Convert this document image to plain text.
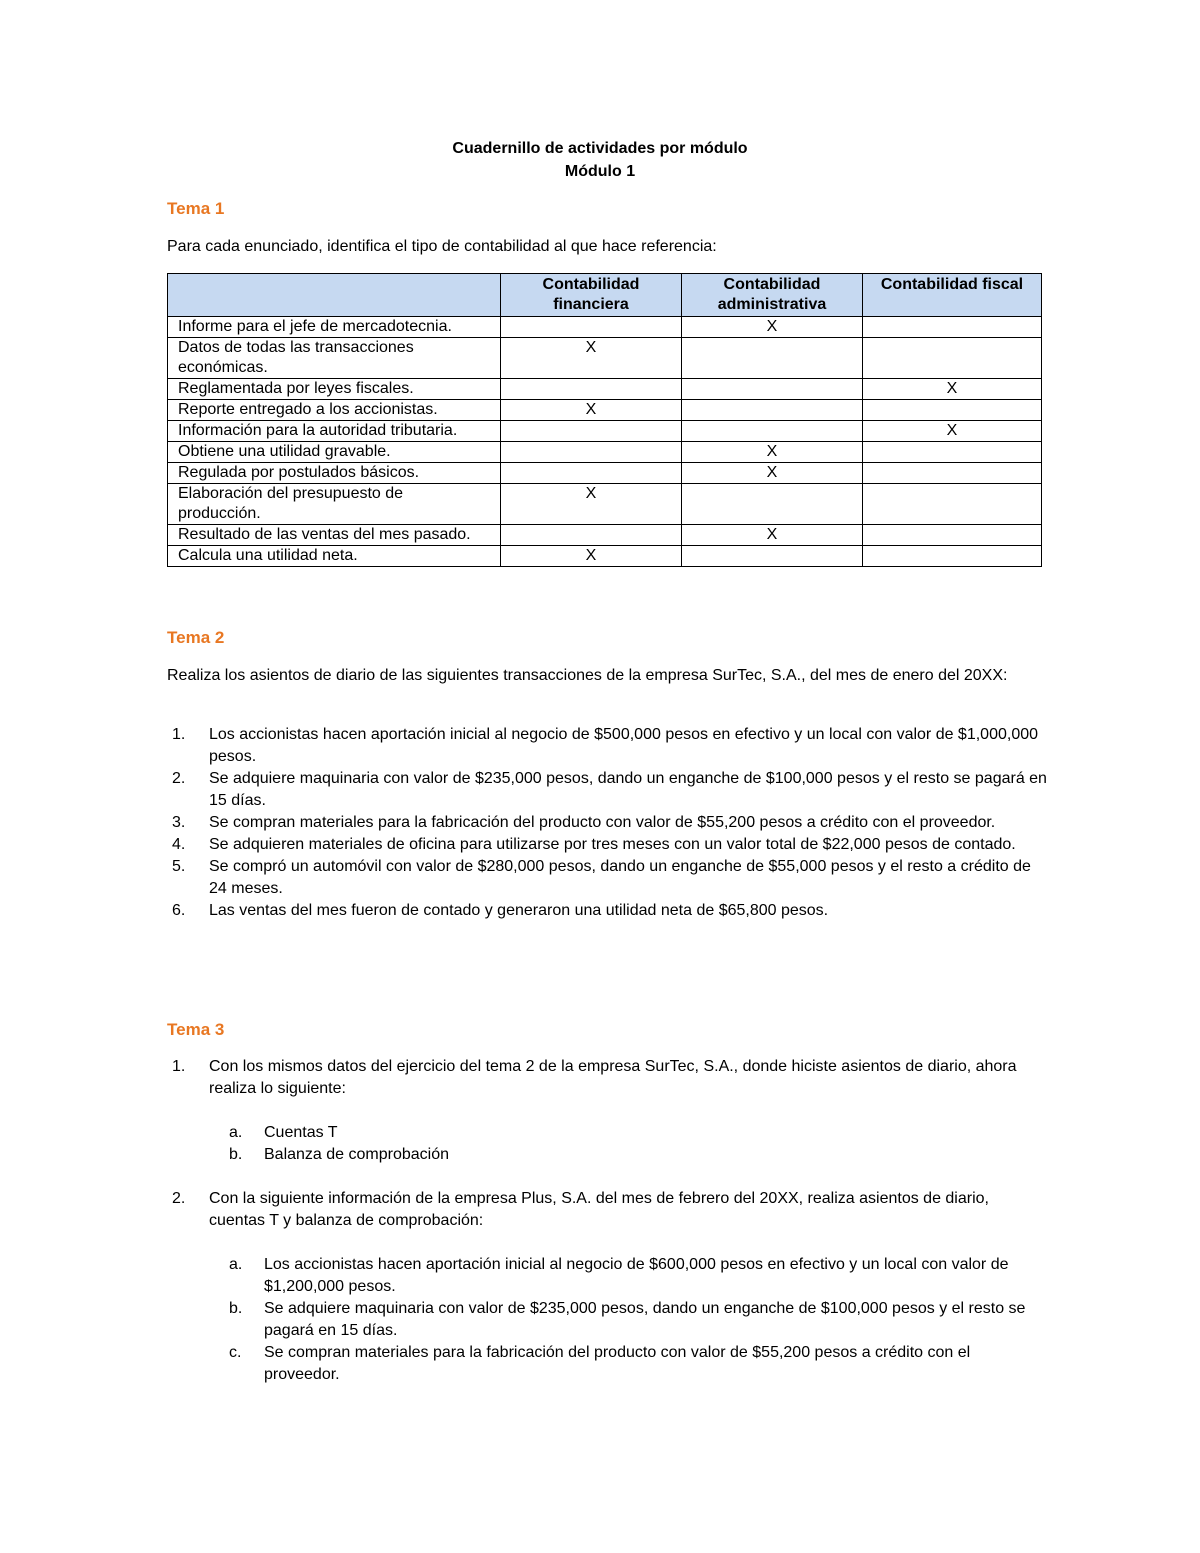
Cuadernillo de actividades por módulo
Módulo 1
Tema 1
Para cada enunciado, identifica el tipo de contabilidad al que hace referencia:
	Contabilidad financiera	Contabilidad administrativa	Contabilidad fiscal
Informe para el jefe de mercadotecnia.		X	
Datos de todas las transacciones económicas.	X		
Reglamentada por leyes fiscales.			X
Reporte entregado a los accionistas.	X		
Información para la autoridad tributaria.			X
Obtiene una utilidad gravable.		X	
Regulada por postulados básicos.		X	
Elaboración del presupuesto de producción.	X		
Resultado de las ventas del mes pasado.		X	
Calcula una utilidad neta.	X		
Tema 2
Realiza los asientos de diario de las siguientes transacciones de la empresa SurTec, S.A., del mes de enero del 20XX:
1. Los accionistas hacen aportación inicial al negocio de $500,000 pesos en efectivo y un local con valor de $1,000,000 pesos.
2. Se adquiere maquinaria con valor de $235,000 pesos, dando un enganche de $100,000 pesos y el resto se pagará en 15 días.
3. Se compran materiales para la fabricación del producto con valor de $55,200 pesos a crédito con el proveedor.
4. Se adquieren materiales de oficina para utilizarse por tres meses con un valor total de $22,000 pesos de contado.
5. Se compró un automóvil con valor de $280,000 pesos, dando un enganche de $55,000 pesos y el resto a crédito de 24 meses.
6. Las ventas del mes fueron de contado y generaron una utilidad neta de $65,800 pesos.
Tema 3
1. Con los mismos datos del ejercicio del tema 2 de la empresa SurTec, S.A., donde hiciste asientos de diario, ahora realiza lo siguiente:
a. Cuentas T
b. Balanza de comprobación
2. Con la siguiente información de la empresa Plus, S.A. del mes de febrero del 20XX, realiza asientos de diario, cuentas T y balanza de comprobación:
a. Los accionistas hacen aportación inicial al negocio de $600,000 pesos en efectivo y un local con valor de $1,200,000 pesos.
b. Se adquiere maquinaria con valor de $235,000 pesos, dando un enganche de $100,000 pesos y el resto se pagará en 15 días.
c. Se compran materiales para la fabricación del producto con valor de $55,200 pesos a crédito con el proveedor.
